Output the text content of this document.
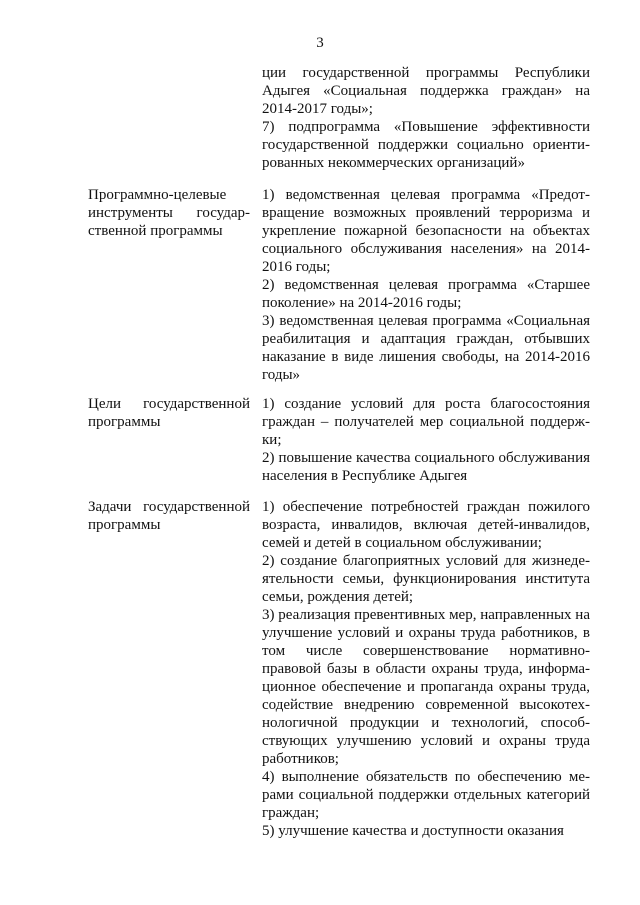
3

ции государственной программы Республики Адыгея «Социальная поддержка граждан» на 2014-2017 годы»;

7) подпрограмма «Повышение эффективности государственной поддержки социально ориентированных некоммерческих организаций»

Программно-целевые инструменты государственной программы

1) ведомственная целевая программа «Предотвращение возможных проявлений терроризма и укрепление пожарной безопасности на объектах социального обслуживания населения» на 2014-2016 годы;

2) ведомственная целевая программа «Старшее поколение» на 2014-2016 годы;

3) ведомственная целевая программа «Социальная реабилитация и адаптация граждан, отбывших наказание в виде лишения свободы, на 2014-2016 годы»

Цели государственной программы

1) создание условий для роста благосостояния граждан – получателей мер социальной поддержки;

2) повышение качества социального обслуживания населения в Республике Адыгея

Задачи государственной программы

1) обеспечение потребностей граждан пожилого возраста, инвалидов, включая детей-инвалидов, семей и детей в социальном обслуживании;

2) создание благоприятных условий для жизнедеятельности семьи, функционирования института семьи, рождения детей;

3) реализация превентивных мер, направленных на улучшение условий и охраны труда работников, в том числе совершенствование нормативно-правовой базы в области охраны труда, информационное обеспечение и пропаганда охраны труда, содействие внедрению современной высокотехнологичной продукции и технологий, способствующих улучшению условий и охраны труда работников;

4) выполнение обязательств по обеспечению мерами социальной поддержки отдельных категорий граждан;

5) улучшение качества и доступности оказания
